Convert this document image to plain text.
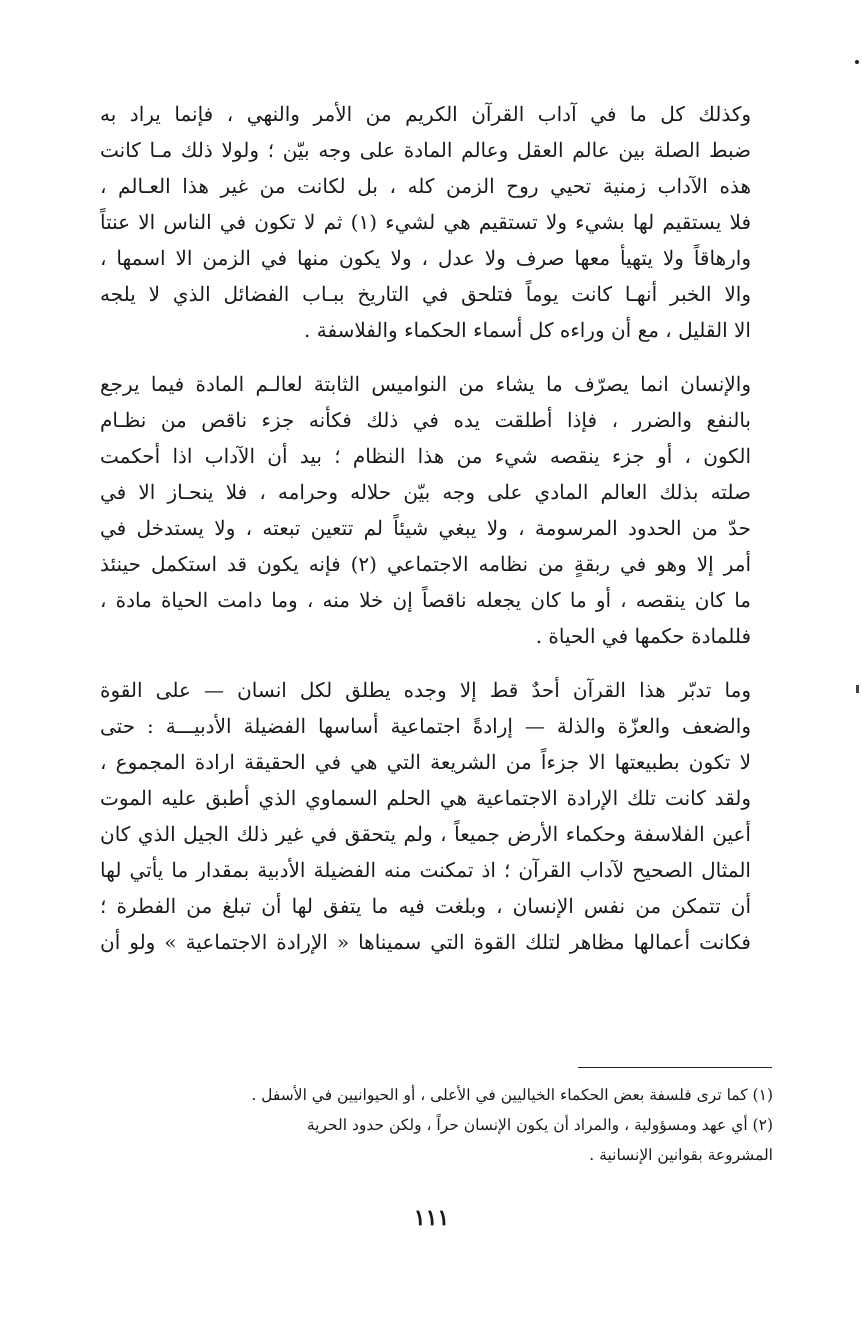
وكذلك كل ما في آداب القرآن الكريم من الأمر والنهي ، فإنما يراد به
ضبط الصلة بين عالم العقل وعالم المادة على وجه بيّن ؛ ولولا ذلك مـا كانت
هذه الآداب زمنية تحيي روح الزمن كله ، بل لكانت من غير هذا العـالم ،
فلا يستقيم لها بشيء ولا تستقيم هي لشيء (١) ثم لا تكون في الناس الا عنتاً
وارهاقاً ولا يتهيأ معها صرف ولا عدل ، ولا يكون منها في الزمن الا اسمها ،
والا الخبر أنهـا كانت يوماً فتلحق في التاريخ ببـاب الفضائل الذي لا يلجه
الا القليل ، مع أن وراءه كل أسماء الحكماء والفلاسفة .
والإنسان انما يصرّف ما يشاء من النواميس الثابتة لعالـم المادة فيما يرجع
بالنفع والضرر ، فإذا أطلقت يده في ذلك فكأنه جزء ناقص من نظـام
الكون ، أو جزء ينقصه شيء من هذا النظام ؛ بيد أن الآداب اذا أحكمت
صلته بذلك العالم المادي على وجه بيّن حلاله وحرامه ، فلا ينحـاز الا في
حدّ من الحدود المرسومة ، ولا يبغي شيئاً لم تتعين تبعته ، ولا يستدخل في
أمر إلا وهو في ربقةٍ من نظامه الاجتماعي (٢) فإنه يكون قد استكمل حينئذ
ما كان ينقصه ، أو ما كان يجعله ناقصاً إن خلا منه ، وما دامت الحياة مادة ،
فللمادة حكمها في الحياة .
وما تدبّر هذا القرآن أحدٌ قط إلا وجده يطلق لكل انسان — على القوة
والضعف والعزّة والذلة — إرادةً اجتماعية أساسها الفضيلة الأدبيـــة : حتى
لا تكون بطبيعتها الا جزءاً من الشريعة التي هي في الحقيقة ارادة المجموع ،
ولقد كانت تلك الإرادة الاجتماعية هي الحلم السماوي الذي أطبق عليه الموت
أعين الفلاسفة وحكماء الأرض جميعاً ، ولم يتحقق في غير ذلك الجيل الذي كان
المثال الصحيح لآداب القرآن ؛ اذ تمكنت منه الفضيلة الأدبية بمقدار ما يأتي لها
أن تتمكن من نفس الإنسان ، وبلغت فيه ما يتفق لها أن تبلغ من الفطرة ؛
فكانت أعمالها مظاهر لتلك القوة التي سميناها « الإرادة الاجتماعية » ولو أن
(١) كما ترى فلسفة بعض الحكماء الخياليين في الأعلى ، أو الحيوانيين في الأسفل .
(٢) أي عهد ومسؤولية ، والمراد أن يكون الإنسان حراً ، ولكن حدود الحرية
المشروعة بقوانين الإنسانية .
١١١
